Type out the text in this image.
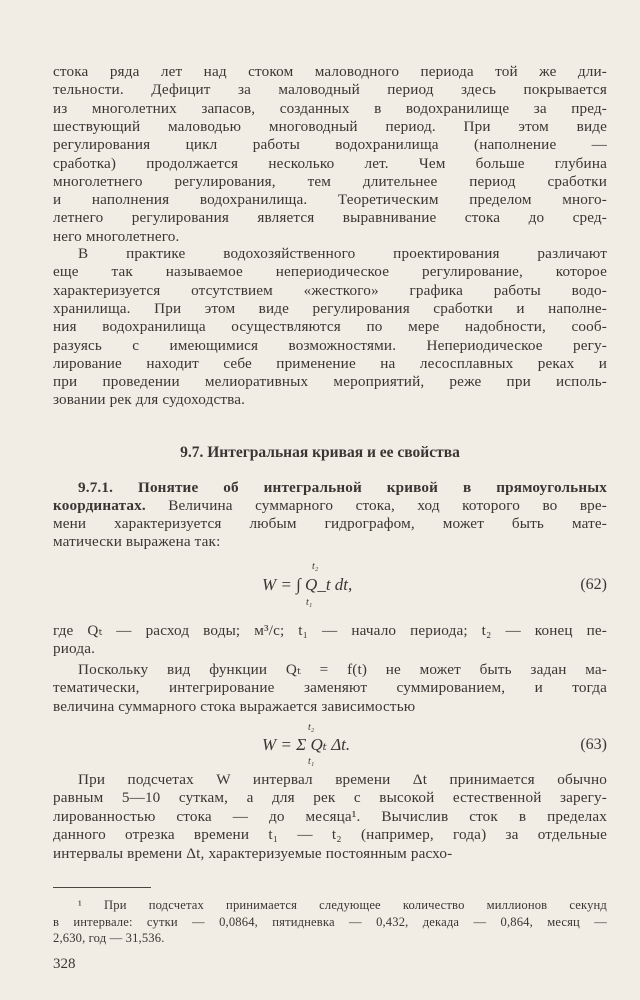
9.7. Интегральная кривая и ее свойства
9.7.1. Понятие об интегральной кривой в прямоугольных
координатах. Величина суммарного стока, ход которого во вре-
W = ∫ Q_t dt,
t₂
t₁
(62)
W = Σ Qₜ Δt.
t₂
t₁
(63)
328
стока ряда лет над стоком маловодного периода той же дли-
тельности. Дефицит за маловодный период здесь покрывается
из многолетних запасов, созданных в водохранилище за пред-
шествующий маловодью многоводный период. При этом виде
регулирования цикл работы водохранилища (наполнение —
сработка) продолжается несколько лет. Чем больше глубина
многолетнего регулирования, тем длительнее период сработки
и наполнения водохранилища. Теоретическим пределом много-
летнего регулирования является выравнивание стока до сред-
него многолетнего.
В практике водохозяйственного проектирования различают
еще так называемое непериодическое регулирование, которое
характеризуется отсутствием «жесткого» графика работы водо-
хранилища. При этом виде регулирования сработки и наполне-
ния водохранилища осуществляются по мере надобности, сооб-
разуясь с имеющимися возможностями. Непериодическое регу-
лирование находит себе применение на лесосплавных реках и
при проведении мелиоративных мероприятий, реже при исполь-
зовании рек для судоходства.
мени характеризуется любым гидрографом, может быть мате-
матически выражена так:
где Qₜ — расход воды; м³/с; t₁ — начало периода; t₂ — конец пе-
риода.
Поскольку вид функции Qₜ = f(t) не может быть задан ма-
тематически, интегрирование заменяют суммированием, и тогда
величина суммарного стока выражается зависимостью
При подсчетах W интервал времени Δt принимается обычно
равным 5—10 суткам, а для рек с высокой естественной зарегу-
лированностью стока — до месяца¹. Вычислив сток в пределах
данного отрезка времени t₁ — t₂ (например, года) за отдельные
интервалы времени Δt, характеризуемые постоянным расхо-
¹ При подсчетах принимается следующее количество миллионов секунд
в интервале: сутки — 0,0864, пятидневка — 0,432, декада — 0,864, месяц —
2,630, год — 31,536.
